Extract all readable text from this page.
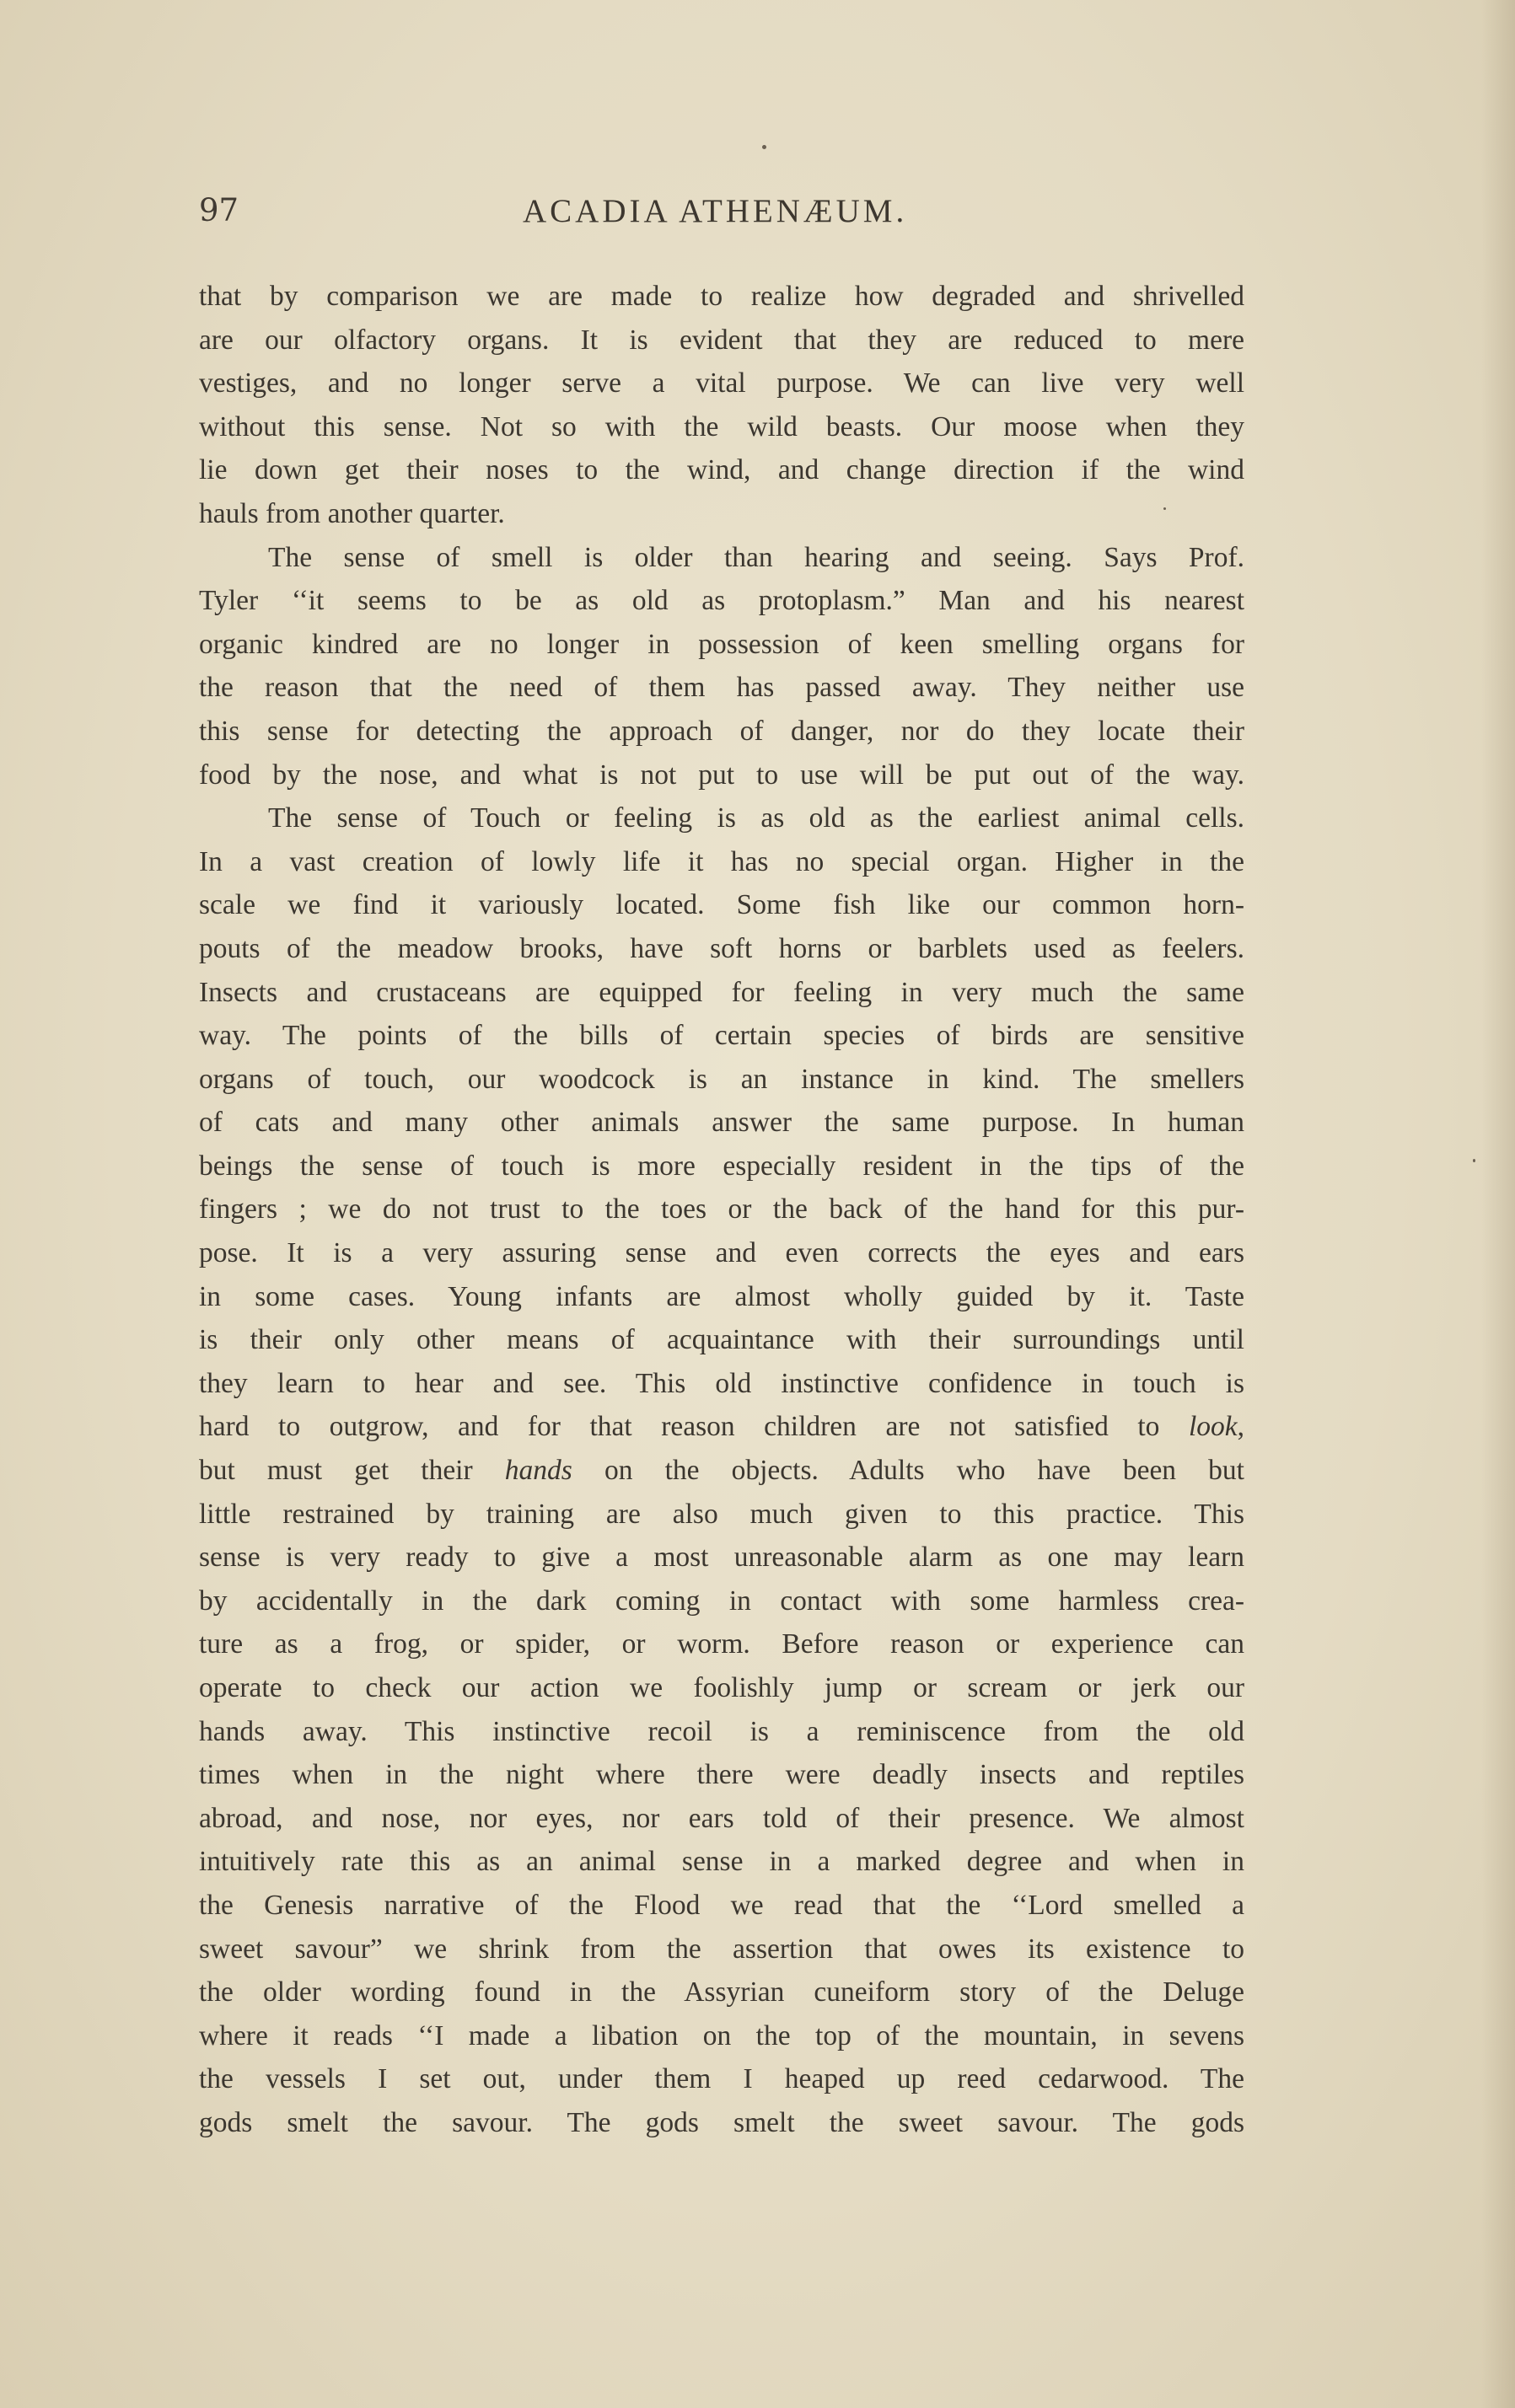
97	ACADIA ATHENÆUM.
that by comparison we are made to realize how degraded and shrivelled
are our olfactory organs. It is evident that they are reduced to mere
vestiges, and no longer serve a vital purpose. We can live very well
without this sense. Not so with the wild beasts. Our moose when they
lie down get their noses to the wind, and change direction if the wind
hauls from another quarter.
The sense of smell is older than hearing and seeing. Says Prof.
Tyler ‘‘it seems to be as old as protoplasm.” Man and his nearest
organic kindred are no longer in possession of keen smelling organs for
the reason that the need of them has passed away. They neither use
this sense for detecting the approach of danger, nor do they locate their
food by the nose, and what is not put to use will be put out of the way.
The sense of Touch or feeling is as old as the earliest animal cells.
In a vast creation of lowly life it has no special organ. Higher in the
scale we find it variously located. Some fish like our common horn-
pouts of the meadow brooks, have soft horns or barblets used as feelers.
Insects and crustaceans are equipped for feeling in very much the same
way. The points of the bills of certain species of birds are sensitive
organs of touch, our woodcock is an instance in kind. The smellers
of cats and many other animals answer the same purpose. In human
beings the sense of touch is more especially resident in the tips of the
fingers ; we do not trust to the toes or the back of the hand for this pur-
pose. It is a very assuring sense and even corrects the eyes and ears
in some cases. Young infants are almost wholly guided by it. Taste
is their only other means of acquaintance with their surroundings until
they learn to hear and see. This old instinctive confidence in touch is
hard to outgrow, and for that reason children are not satisfied to look,
but must get their hands on the objects. Adults who have been but
little restrained by training are also much given to this practice. This
sense is very ready to give a most unreasonable alarm as one may learn
by accidentally in the dark coming in contact with some harmless crea-
ture as a frog, or spider, or worm. Before reason or experience can
operate to check our action we foolishly jump or scream or jerk our
hands away. This instinctive recoil is a reminiscence from the old
times when in the night where there were deadly insects and reptiles
abroad, and nose, nor eyes, nor ears told of their presence. We almost
intuitively rate this as an animal sense in a marked degree and when in
the Genesis narrative of the Flood we read that the ‘‘Lord smelled a
sweet savour” we shrink from the assertion that owes its existence to
the older wording found in the Assyrian cuneiform story of the Deluge
where it reads ‘‘I made a libation on the top of the mountain, in sevens
the vessels I set out, under them I heaped up reed cedarwood. The
gods smelt the savour. The gods smelt the sweet savour. The gods
